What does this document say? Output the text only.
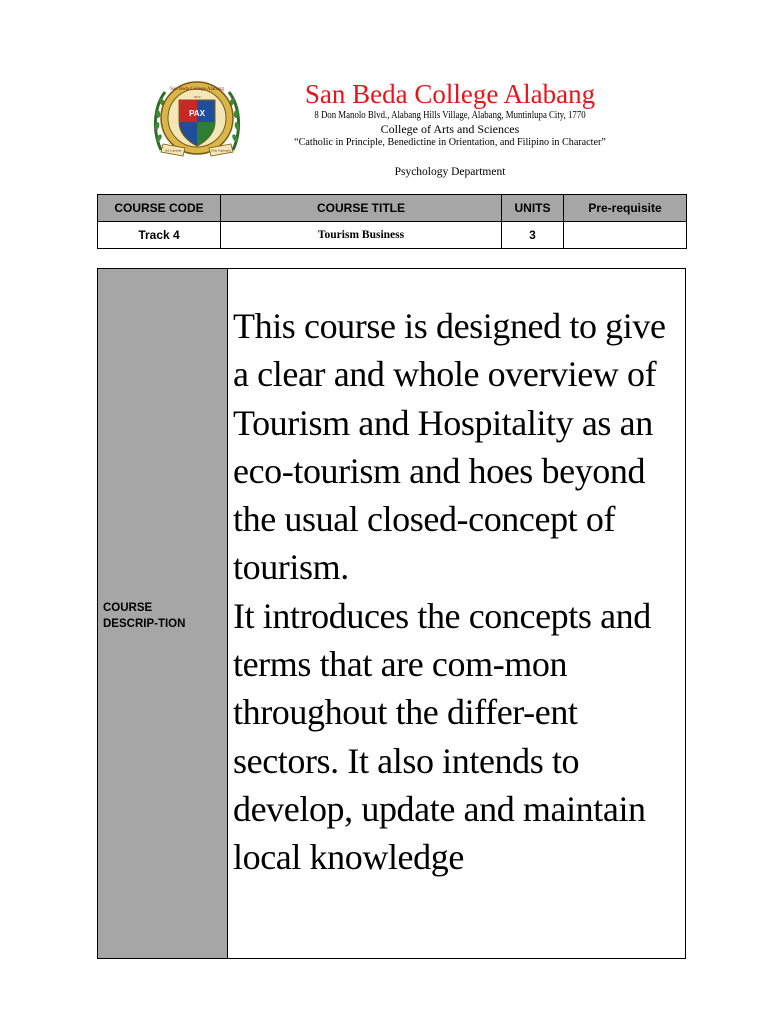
San Beda College Alabang
1972
PAX
Ad Laudem	Fide Sapientia
San Beda College Alabang
8 Don Manolo Blvd., Alabang Hills Village, Alabang, Muntinlupa City, 1770
College of Arts and Sciences
“Catholic in Principle, Benedictine in Orientation, and Filipino in Character”
Psychology Department
COURSE CODE	COURSE TITLE	UNITS	Pre-requisite
Track 4	Tourism Business	3	
COURSE DESCRIP-TION

This course is designed to give a clear and whole overview of Tourism and Hospitality as an eco-tourism and hoes beyond the usual closed-concept of tourism.
It introduces the concepts and terms that are com-mon throughout the differ-ent sectors. It also intends to develop, update and maintain local knowledge
